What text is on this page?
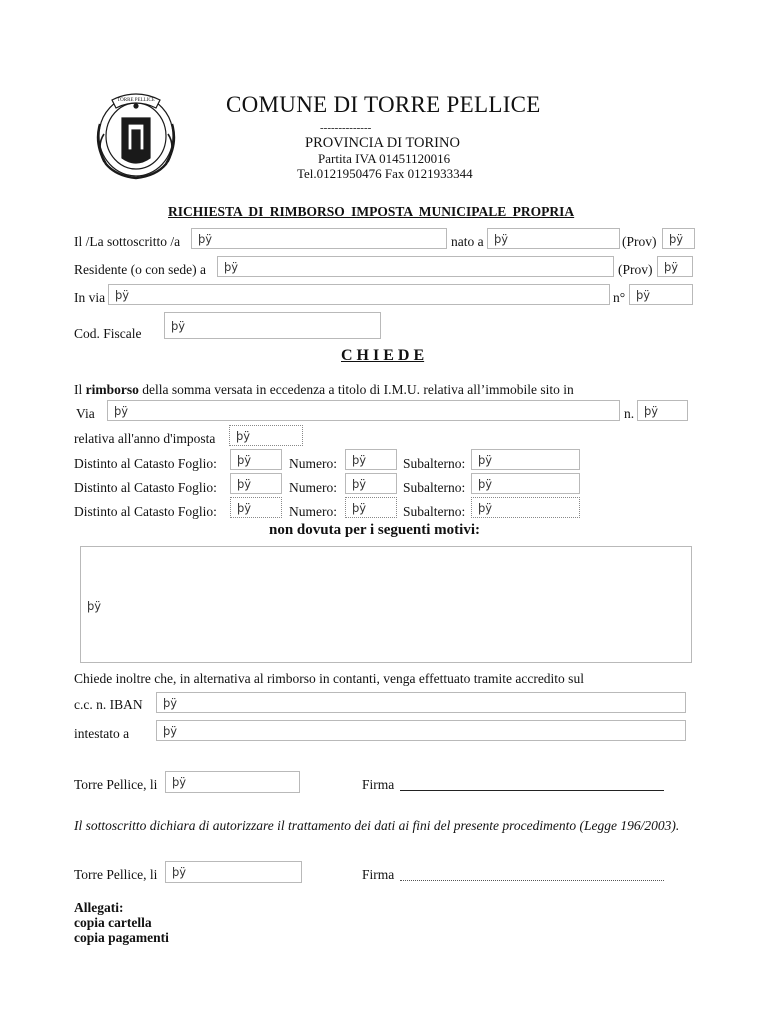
TORRE PELLICE	COMUNE DI TORRE PELLICE
--------------
PROVINCIA DI TORINO
Partita IVA 01451120016
Tel.0121950476 Fax 0121933344
RICHIESTA DI RIMBORSO IMPOSTA MUNICIPALE PROPRIA
Il /La sottoscritto /a	þÿ	nato a þÿ	(Prov)	þÿ
Residente (o con sede) a	þÿ	(Prov)	þÿ
In via þÿ	n° þÿ
Cod. Fiscale	þÿ
C H I E D E
Il rimborso della somma versata in eccedenza a titolo di I.M.U. relativa all’immobile sito in
Via	þÿ	n. þÿ
relativa all'anno d'imposta	þÿ
Distinto al Catasto Foglio:	þÿ	Numero:	þÿ	Subalterno:	þÿ
Distinto al Catasto Foglio:	þÿ	Numero:	þÿ	Subalterno:	þÿ
Distinto al Catasto Foglio:	þÿ	Numero:	þÿ	Subalterno:	þÿ
non dovuta per i seguenti motivi:
þÿ
Chiede inoltre che, in alternativa al rimborso in contanti, venga effettuato tramite accredito sul
c.c. n. IBAN	þÿ
intestato a	þÿ
Torre Pellice, li	þÿ	Firma
Il sottoscritto dichiara di autorizzare il trattamento dei dati ai fini del presente procedimento (Legge 196/2003).
Torre Pellice, li	þÿ	Firma
Allegati:
copia cartella
copia pagamenti
